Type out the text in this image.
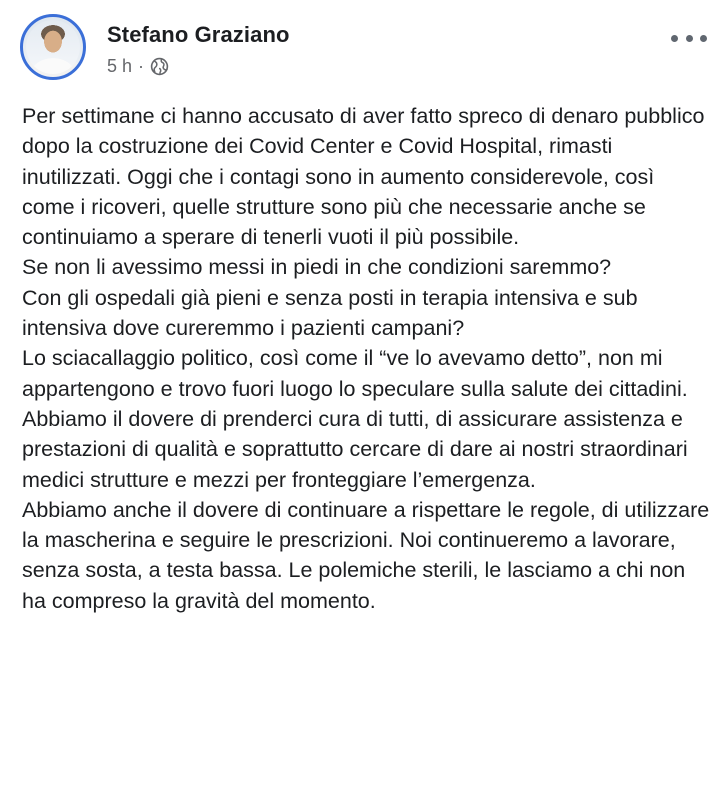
Stefano Graziano
5 h ·

Per settimane ci hanno accusato di aver fatto spreco di denaro pubblico dopo la costruzione dei Covid Center e Covid Hospital, rimasti inutilizzati. Oggi che i contagi sono in aumento considerevole, così come i ricoveri, quelle strutture sono più che necessarie anche se continuiamo a sperare di tenerli vuoti il più possibile.

Se non li avessimo messi in piedi in che condizioni saremmo?

Con gli ospedali già pieni e senza posti in terapia intensiva e sub intensiva dove cureremmo i pazienti campani?

Lo sciacallaggio politico, così come il “ve lo avevamo detto”, non mi appartengono e trovo fuori luogo lo speculare sulla salute dei cittadini.

Abbiamo il dovere di prenderci cura di tutti, di assicurare assistenza e prestazioni di qualità e soprattutto cercare di dare ai nostri straordinari medici strutture e mezzi per fronteggiare l’emergenza.

Abbiamo anche il dovere di continuare a rispettare le regole, di utilizzare la mascherina e seguire le prescrizioni. Noi continueremo a lavorare, senza sosta, a testa bassa. Le polemiche sterili, le lasciamo a chi non ha compreso la gravità del momento.
